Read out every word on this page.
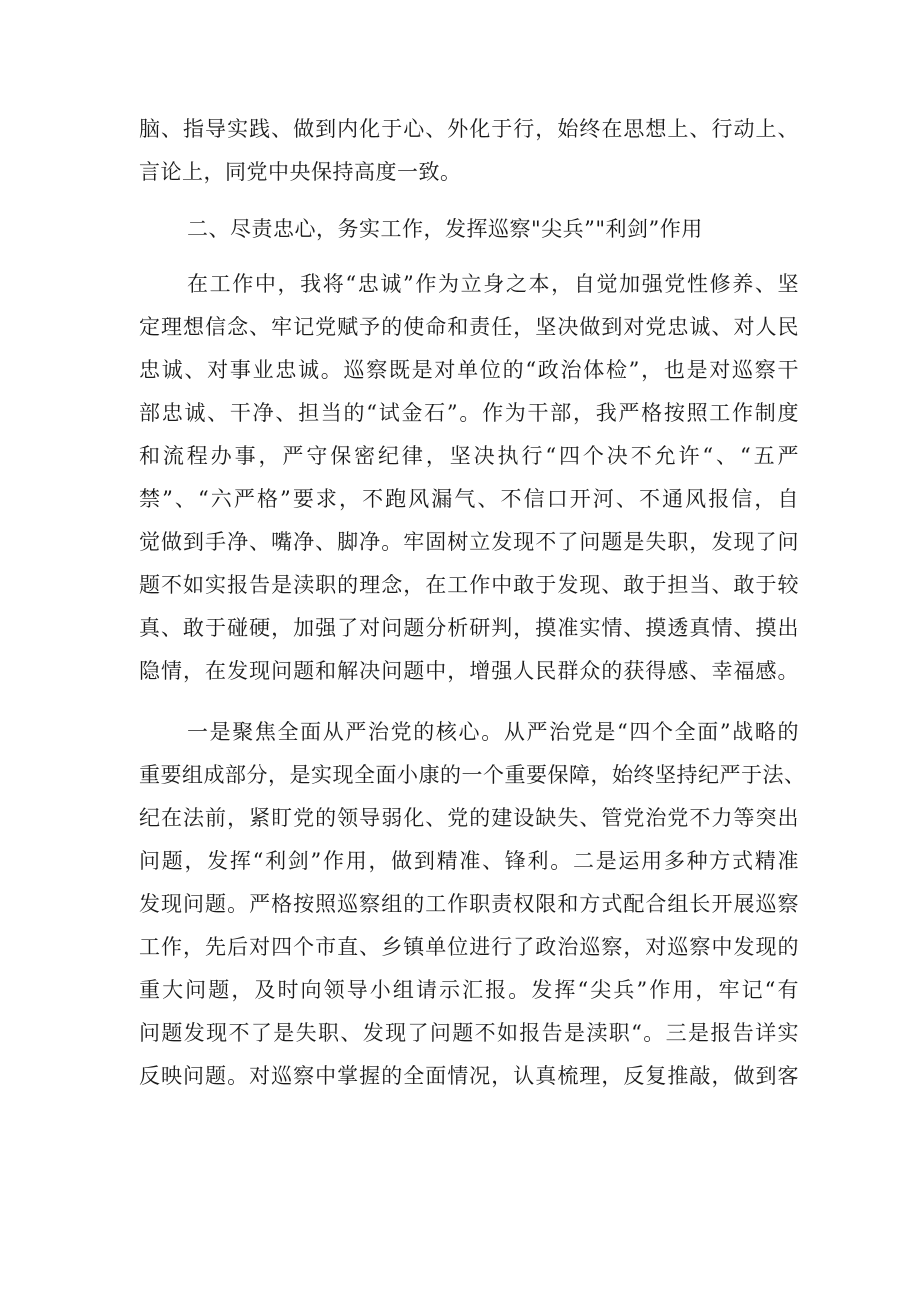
脑、指导实践、做到内化于心、外化于行，始终在思想上、行动上、
言论上，同党中央保持高度一致。
二、尽责忠心，务实工作，发挥巡察"尖兵”"利剑”作用
在工作中，我将“忠诚”作为立身之本，自觉加强党性修养、坚
定理想信念、牢记党赋予的使命和责任，坚决做到对党忠诚、对人民
忠诚、对事业忠诚。巡察既是对单位的“政治体检”，也是对巡察干
部忠诚、干净、担当的“试金石”。作为干部，我严格按照工作制度
和流程办事，严守保密纪律，坚决执行“四个决不允许“、“五严
禁”、“六严格”要求，不跑风漏气、不信口开河、不通风报信，自
觉做到手净、嘴净、脚净。牢固树立发现不了问题是失职，发现了问
题不如实报告是渎职的理念，在工作中敢于发现、敢于担当、敢于较
真、敢于碰硬，加强了对问题分析研判，摸准实情、摸透真情、摸出
隐情，在发现问题和解决问题中，增强人民群众的获得感、幸福感。
一是聚焦全面从严治党的核心。从严治党是“四个全面”战略的
重要组成部分，是实现全面小康的一个重要保障，始终坚持纪严于法、
纪在法前，紧盯党的领导弱化、党的建设缺失、管党治党不力等突出
问题，发挥“利剑”作用，做到精准、锋利。二是运用多种方式精准
发现问题。严格按照巡察组的工作职责权限和方式配合组长开展巡察
工作，先后对四个市直、乡镇单位进行了政治巡察，对巡察中发现的
重大问题，及时向领导小组请示汇报。发挥“尖兵”作用，牢记“有
问题发现不了是失职、发现了问题不如报告是渎职“。三是报告详实
反映问题。对巡察中掌握的全面情况，认真梳理，反复推敲，做到客
